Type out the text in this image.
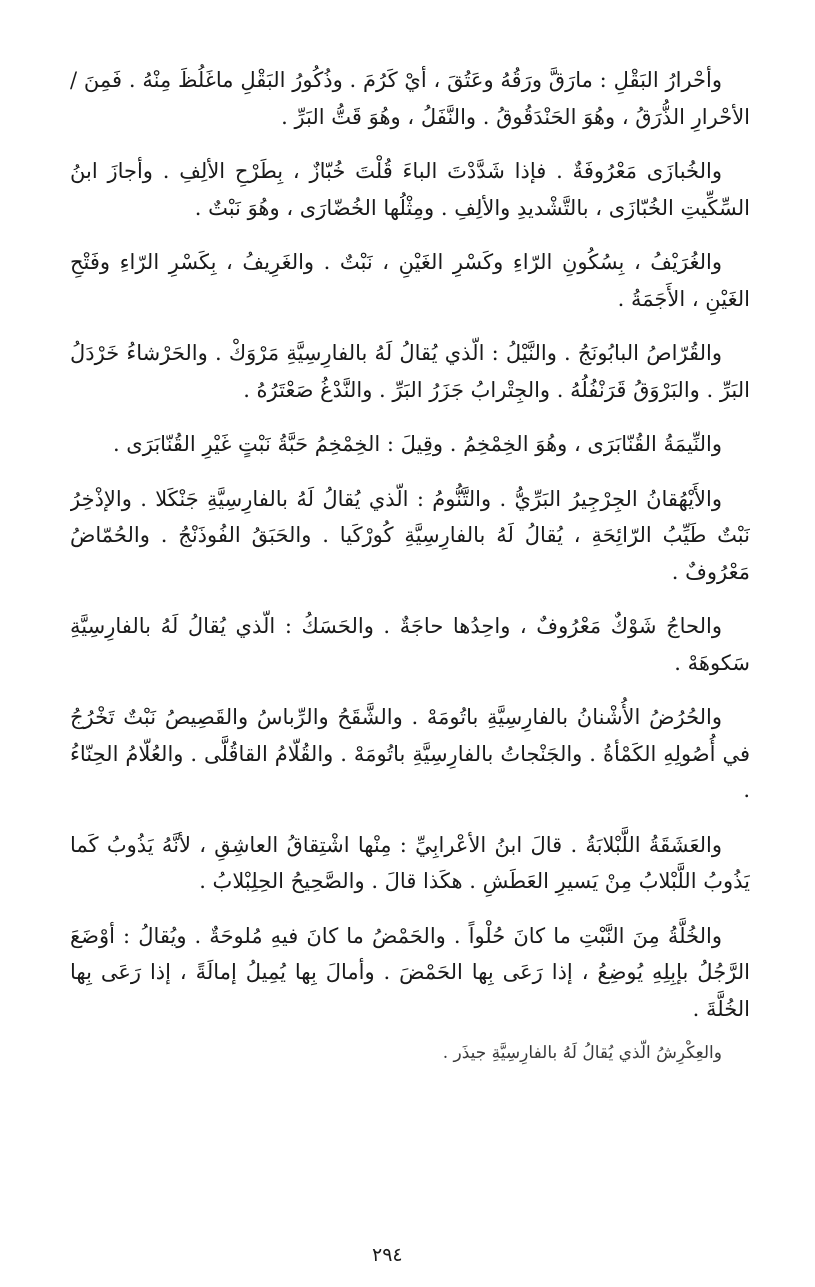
وأحْرارُ البَقْلِ : مارَقَّ ورَقُهُ وعَتُقَ ، أيْ كَرُمَ . وذُكُورُ البَقْلِ ماغَلُظَ مِنْهُ . فَمِنَ / الأحْرارِ الذُّرَقُ ، وهُوَ الحَنْدَقُوقُ . والنَّفَلُ ، وهُوَ قَتُّ البَرِّ .

والخُبازَى مَعْرُوفَةٌ . فإذا شَدَّدْتَ الباءَ قُلْتَ خُبّازٌ ، بِطَرْحِ الألِفِ . وأجازَ ابنُ السِّكِّيتِ الخُبّازَى ، بالتَّشْديدِ والألِفِ . ومِثْلُها الخُضّارَى ، وهُوَ نَبْتٌ .

والغُرَيْفُ ، بِسُكُونِ الرّاءِ وكَسْرِ الغَيْنِ ، نَبْتٌ . والغَرِيفُ ، بِكَسْرِ الرّاءِ وفَتْحِ الغَيْنِ ، الأَجَمَةُ .

والقُرّاصُ البابُونَجُ . والنَّيْلُ : الّذي يُقالُ لَهُ بالفارِسِيَّةِ مَرْوَكْ . والحَرْشاءُ خَرْدَلُ البَرِّ . والبَرْوَقُ قَرَنْفُلُهُ . والجِتْرابُ جَزَرُ البَرِّ . والنَّدْغُ صَعْتَرُهُ .

والنِّيمَةُ القُنّابَرَى ، وهُوَ الخِمْخِمُ . وقِيلَ : الخِمْخِمُ حَبَّةُ نَبْتٍ غَيْرِ القُنّابَرَى .

والأَيْهُقانُ الجِرْجِيرُ البَرِّيُّ . والتَّنُّومُ : الّذي يُقالُ لَهُ بالفارِسِيَّةِ جَنْكَلا . والإذْخِرُ نَبْتٌ طَيِّبُ الرّائِحَةِ ، يُقالُ لَهُ بالفارِسِيَّةِ كُورْكَيا . والحَبَقُ الفُوذَنْجُ . والحُمّاضُ مَعْرُوفٌ .

والحاجُ شَوْكٌ مَعْرُوفٌ ، واحِدُها حاجَةٌ . والحَسَكُ : الّذي يُقالُ لَهُ بالفارِسِيَّةِ سَكوهَهْ .

والحُرُضُ الأُشْنانُ بالفارِسِيَّةِ باتُومَهْ . والشَّقَحُ والرِّباسُ والقَصِيصُ نَبْتٌ تَخْرُجُ في أُصُولِهِ الكَمْأةُ . والجَنْجاتُ بالفارِسِيَّةِ باتُومَهْ . والقُلّامُ القاقُلَّى . والعُلّامُ الحِنّاءُ .

والعَشَقَةُ اللَّبْلابَةُ . قالَ ابنُ الأعْرابِيِّ : مِنْها اشْتِقاقُ العاشِقِ ، لأنَّهُ يَذُوبُ كَما يَذُوبُ اللَّبْلابُ مِنْ يَسيرِ العَطَشِ . هكَذا قالَ . والصَّحِيحُ الحِلِبْلابُ .

والخُلَّةُ مِنَ النَّبْتِ ما كانَ حُلْواً . والحَمْضُ ما كانَ فيهِ مُلوحَةٌ . ويُقالُ : أوْضَعَ الرَّجُلُ بإبِلِهِ يُوضِعُ ، إذا رَعَى بِها الحَمْضَ . وأمالَ بِها يُمِيلُ إمالَةً ، إذا رَعَى بِها الخُلَّةَ .

والعِكْرِشُ الّذي يُقالُ لَهُ بالفارِسِيَّةِ جيذَر .

٢٩٤
